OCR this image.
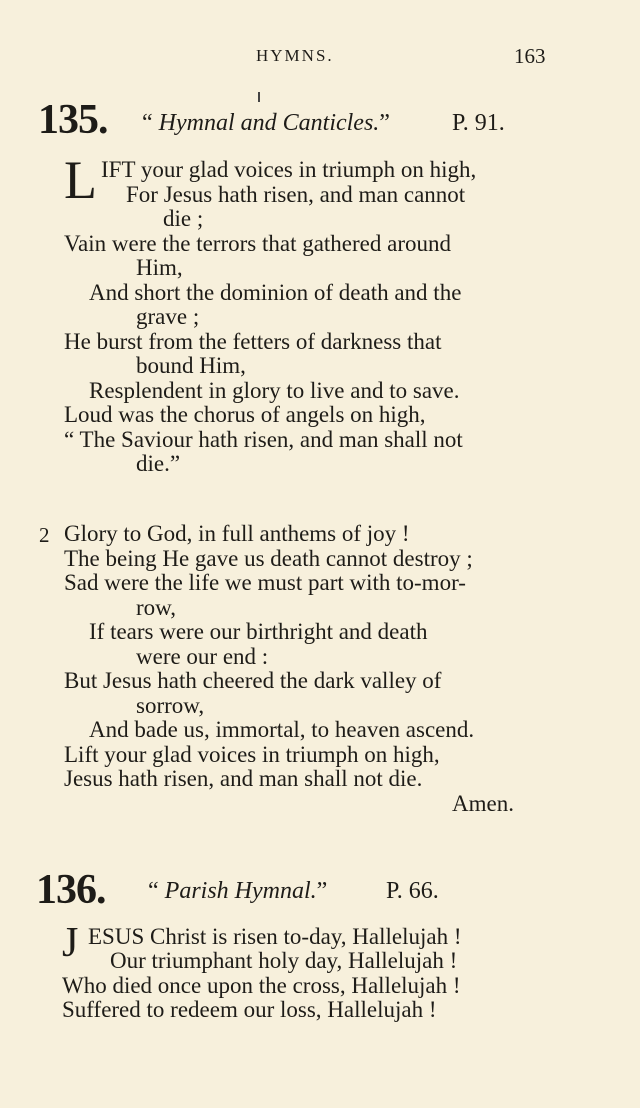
HYMNS.	163
135. “ Hymnal and Canticles.”	P. 91.
L IFT your glad voices in triumph on high,
For Jesus hath risen, and man cannot
die ;
Vain were the terrors that gathered around
Him,
And short the dominion of death and the
grave ;
He burst from the fetters of darkness that
bound Him,
Resplendent in glory to live and to save.
Loud was the chorus of angels on high,
“ The Saviour hath risen, and man shall not
die.”
2 Glory to God, in full anthems of joy !
The being He gave us death cannot destroy ;
Sad were the life we must part with to-mor-
row,
If tears were our birthright and death
were our end :
But Jesus hath cheered the dark valley of
sorrow,
And bade us, immortal, to heaven ascend.
Lift your glad voices in triumph on high,
Jesus hath risen, and man shall not die.
Amen.
136. “ Parish Hymnal.” P. 66.
J ESUS Christ is risen to-day, Hallelujah !
Our triumphant holy day, Hallelujah !
Who died once upon the cross, Hallelujah !
Suffered to redeem our loss, Hallelujah !
